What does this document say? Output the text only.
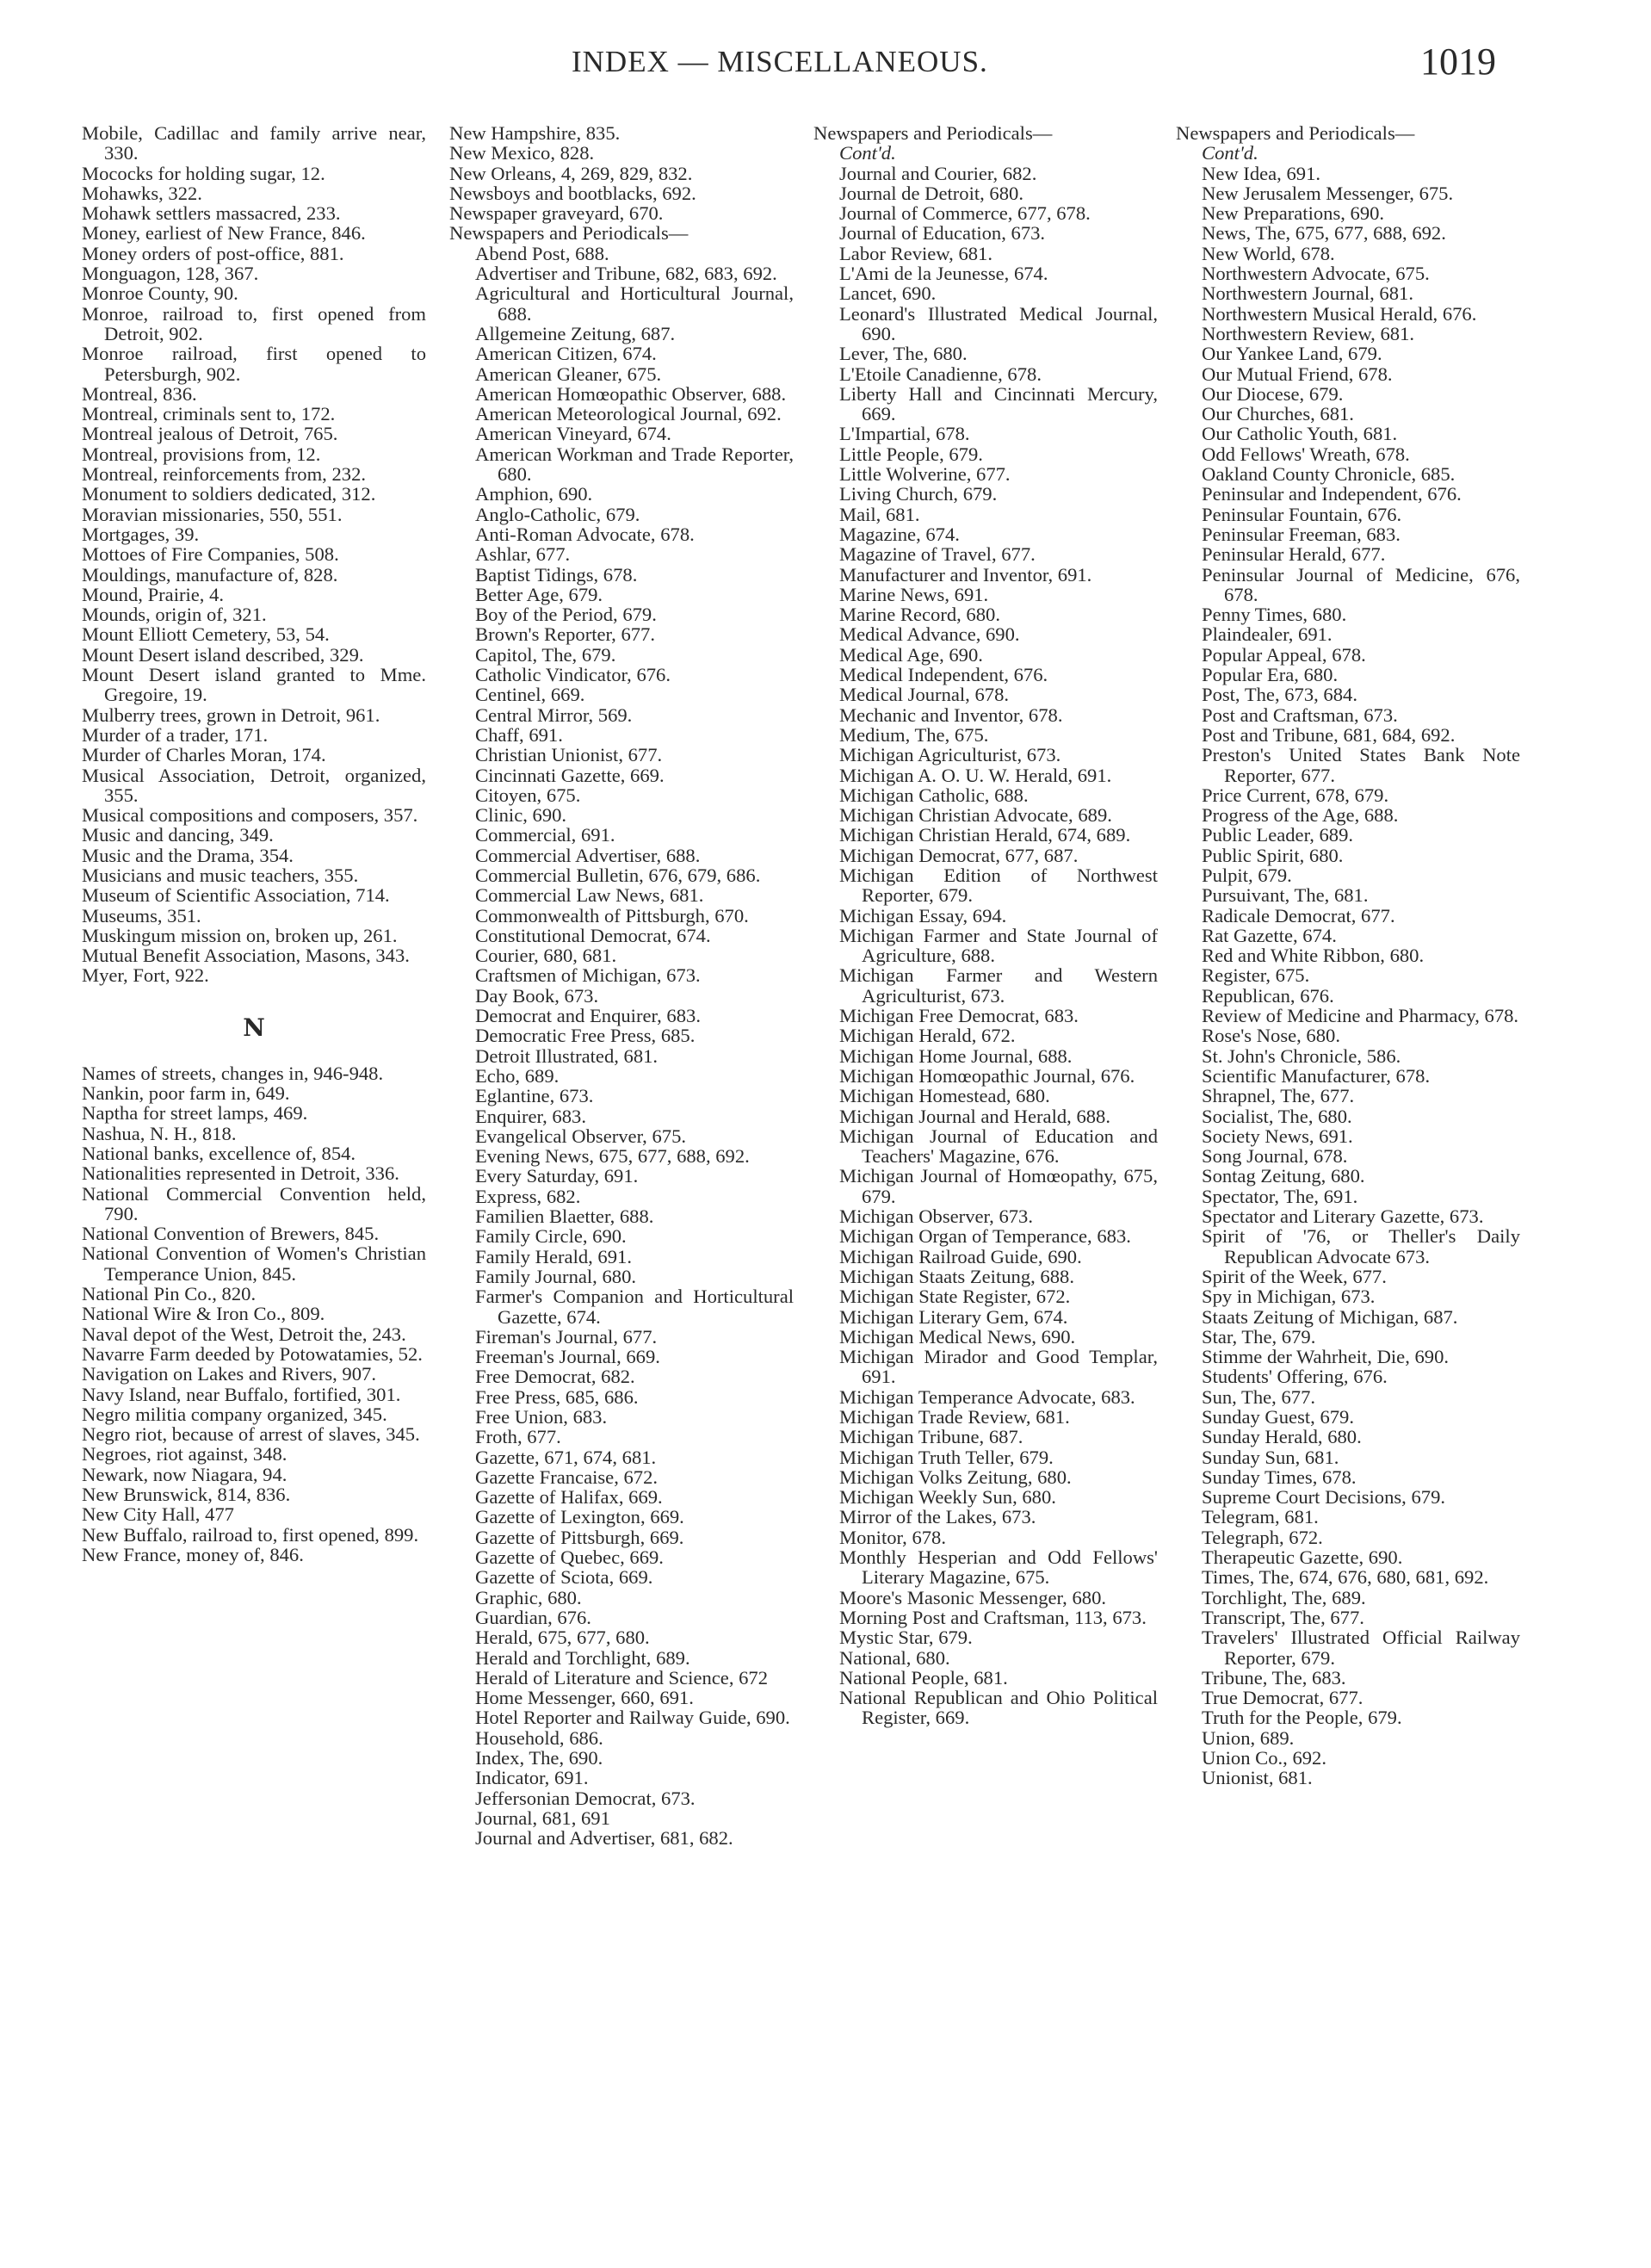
INDEX — MISCELLANEOUS.	1019

Mobile, Cadillac and family arrive near, 330.

Mococks for holding sugar, 12.

Mohawks, 322.

Mohawk settlers massacred, 233.

Money, earliest of New France, 846.

Money orders of post-office, 881.

Monguagon, 128, 367.

Monroe County, 90.

Monroe, railroad to, first opened from Detroit, 902.

Monroe railroad, first opened to Petersburgh, 902.

Montreal, 836.

Montreal, criminals sent to, 172.

Montreal jealous of Detroit, 765.

Montreal, provisions from, 12.

Montreal, reinforcements from, 232.

Monument to soldiers dedicated, 312.

Moravian missionaries, 550, 551.

Mortgages, 39.

Mottoes of Fire Companies, 508.

Mouldings, manufacture of, 828.

Mound, Prairie, 4.

Mounds, origin of, 321.

Mount Elliott Cemetery, 53, 54.

Mount Desert island described, 329.

Mount Desert island granted to Mme. Gregoire, 19.

Mulberry trees, grown in Detroit, 961.

Murder of a trader, 171.

Murder of Charles Moran, 174.

Musical Association, Detroit, organized, 355.

Musical compositions and composers, 357.

Music and dancing, 349.

Music and the Drama, 354.

Musicians and music teachers, 355.

Museum of Scientific Association, 714.

Museums, 351.

Muskingum mission on, broken up, 261.

Mutual Benefit Association, Masons, 343.

Myer, Fort, 922.

N

Names of streets, changes in, 946-948.

Nankin, poor farm in, 649.

Naptha for street lamps, 469.

Nashua, N. H., 818.

National banks, excellence of, 854.

Nationalities represented in Detroit, 336.

National Commercial Convention held, 790.

National Convention of Brewers, 845.

National Convention of Women's Christian Temperance Union, 845.

National Pin Co., 820.

National Wire & Iron Co., 809.

Naval depot of the West, Detroit the, 243.

Navarre Farm deeded by Potowatamies, 52.

Navigation on Lakes and Rivers, 907.

Navy Island, near Buffalo, fortified, 301.

Negro militia company organized, 345.

Negro riot, because of arrest of slaves, 345.

Negroes, riot against, 348.

Newark, now Niagara, 94.

New Brunswick, 814, 836.

New City Hall, 477

New Buffalo, railroad to, first opened, 899.

New France, money of, 846.

New Hampshire, 835.

New Mexico, 828.

New Orleans, 4, 269, 829, 832.

Newsboys and bootblacks, 692.

Newspaper graveyard, 670.

Newspapers and Periodicals—

Abend Post, 688.

Advertiser and Tribune, 682, 683, 692.

Agricultural and Horticultural Journal, 688.

Allgemeine Zeitung, 687.

American Citizen, 674.

American Gleaner, 675.

American Homœopathic Observer, 688.

American Meteorological Journal, 692.

American Vineyard, 674.

American Workman and Trade Reporter, 680.

Amphion, 690.

Anglo-Catholic, 679.

Anti-Roman Advocate, 678.

Ashlar, 677.

Baptist Tidings, 678.

Better Age, 679.

Boy of the Period, 679.

Brown's Reporter, 677.

Capitol, The, 679.

Catholic Vindicator, 676.

Centinel, 669.

Central Mirror, 569.

Chaff, 691.

Christian Unionist, 677.

Cincinnati Gazette, 669.

Citoyen, 675.

Clinic, 690.

Commercial, 691.

Commercial Advertiser, 688.

Commercial Bulletin, 676, 679, 686.

Commercial Law News, 681.

Commonwealth of Pittsburgh, 670.

Constitutional Democrat, 674.

Courier, 680, 681.

Craftsmen of Michigan, 673.

Day Book, 673.

Democrat and Enquirer, 683.

Democratic Free Press, 685.

Detroit Illustrated, 681.

Echo, 689.

Eglantine, 673.

Enquirer, 683.

Evangelical Observer, 675.

Evening News, 675, 677, 688, 692.

Every Saturday, 691.

Express, 682.

Familien Blaetter, 688.

Family Circle, 690.

Family Herald, 691.

Family Journal, 680.

Farmer's Companion and Horticultural Gazette, 674.

Fireman's Journal, 677.

Freeman's Journal, 669.

Free Democrat, 682.

Free Press, 685, 686.

Free Union, 683.

Froth, 677.

Gazette, 671, 674, 681.

Gazette Francaise, 672.

Gazette of Halifax, 669.

Gazette of Lexington, 669.

Gazette of Pittsburgh, 669.

Gazette of Quebec, 669.

Gazette of Sciota, 669.

Graphic, 680.

Guardian, 676.

Herald, 675, 677, 680.

Herald and Torchlight, 689.

Herald of Literature and Science, 672

Home Messenger, 660, 691.

Hotel Reporter and Railway Guide, 690.

Household, 686.

Index, The, 690.

Indicator, 691.

Jeffersonian Democrat, 673.

Journal, 681, 691

Journal and Advertiser, 681, 682.

Newspapers and Periodicals—

Cont'd.

Journal and Courier, 682.

Journal de Detroit, 680.

Journal of Commerce, 677, 678.

Journal of Education, 673.

Labor Review, 681.

L'Ami de la Jeunesse, 674.

Lancet, 690.

Leonard's Illustrated Medical Journal, 690.

Lever, The, 680.

L'Etoile Canadienne, 678.

Liberty Hall and Cincinnati Mercury, 669.

L'Impartial, 678.

Little People, 679.

Little Wolverine, 677.

Living Church, 679.

Mail, 681.

Magazine, 674.

Magazine of Travel, 677.

Manufacturer and Inventor, 691.

Marine News, 691.

Marine Record, 680.

Medical Advance, 690.

Medical Age, 690.

Medical Independent, 676.

Medical Journal, 678.

Mechanic and Inventor, 678.

Medium, The, 675.

Michigan Agriculturist, 673.

Michigan A. O. U. W. Herald, 691.

Michigan Catholic, 688.

Michigan Christian Advocate, 689.

Michigan Christian Herald, 674, 689.

Michigan Democrat, 677, 687.

Michigan Edition of Northwest Reporter, 679.

Michigan Essay, 694.

Michigan Farmer and State Journal of Agriculture, 688.

Michigan Farmer and Western Agriculturist, 673.

Michigan Free Democrat, 683.

Michigan Herald, 672.

Michigan Home Journal, 688.

Michigan Homœopathic Journal, 676.

Michigan Homestead, 680.

Michigan Journal and Herald, 688.

Michigan Journal of Education and Teachers' Magazine, 676.

Michigan Journal of Homœopathy, 675, 679.

Michigan Observer, 673.

Michigan Organ of Temperance, 683.

Michigan Railroad Guide, 690.

Michigan Staats Zeitung, 688.

Michigan State Register, 672.

Michigan Literary Gem, 674.

Michigan Medical News, 690.

Michigan Mirador and Good Templar, 691.

Michigan Temperance Advocate, 683.

Michigan Trade Review, 681.

Michigan Tribune, 687.

Michigan Truth Teller, 679.

Michigan Volks Zeitung, 680.

Michigan Weekly Sun, 680.

Mirror of the Lakes, 673.

Monitor, 678.

Monthly Hesperian and Odd Fellows' Literary Magazine, 675.

Moore's Masonic Messenger, 680.

Morning Post and Craftsman, 113, 673.

Mystic Star, 679.

National, 680.

National People, 681.

National Republican and Ohio Political Register, 669.

Newspapers and Periodicals—

Cont'd.

New Idea, 691.

New Jerusalem Messenger, 675.

New Preparations, 690.

News, The, 675, 677, 688, 692.

New World, 678.

Northwestern Advocate, 675.

Northwestern Journal, 681.

Northwestern Musical Herald, 676.

Northwestern Review, 681.

Our Yankee Land, 679.

Our Mutual Friend, 678.

Our Diocese, 679.

Our Churches, 681.

Our Catholic Youth, 681.

Odd Fellows' Wreath, 678.

Oakland County Chronicle, 685.

Peninsular and Independent, 676.

Peninsular Fountain, 676.

Peninsular Freeman, 683.

Peninsular Herald, 677.

Peninsular Journal of Medicine, 676, 678.

Penny Times, 680.

Plaindealer, 691.

Popular Appeal, 678.

Popular Era, 680.

Post, The, 673, 684.

Post and Craftsman, 673.

Post and Tribune, 681, 684, 692.

Preston's United States Bank Note Reporter, 677.

Price Current, 678, 679.

Progress of the Age, 688.

Public Leader, 689.

Public Spirit, 680.

Pulpit, 679.

Pursuivant, The, 681.

Radicale Democrat, 677.

Rat Gazette, 674.

Red and White Ribbon, 680.

Register, 675.

Republican, 676.

Review of Medicine and Pharmacy, 678.

Rose's Nose, 680.

St. John's Chronicle, 586.

Scientific Manufacturer, 678.

Shrapnel, The, 677.

Socialist, The, 680.

Society News, 691.

Song Journal, 678.

Sontag Zeitung, 680.

Spectator, The, 691.

Spectator and Literary Gazette, 673.

Spirit of '76, or Theller's Daily Republican Advocate 673.

Spirit of the Week, 677.

Spy in Michigan, 673.

Staats Zeitung of Michigan, 687.

Star, The, 679.

Stimme der Wahrheit, Die, 690.

Students' Offering, 676.

Sun, The, 677.

Sunday Guest, 679.

Sunday Herald, 680.

Sunday Sun, 681.

Sunday Times, 678.

Supreme Court Decisions, 679.

Telegram, 681.

Telegraph, 672.

Therapeutic Gazette, 690.

Times, The, 674, 676, 680, 681, 692.

Torchlight, The, 689.

Transcript, The, 677.

Travelers' Illustrated Official Railway Reporter, 679.

Tribune, The, 683.

True Democrat, 677.

Truth for the People, 679.

Union, 689.

Union Co., 692.

Unionist, 681.
